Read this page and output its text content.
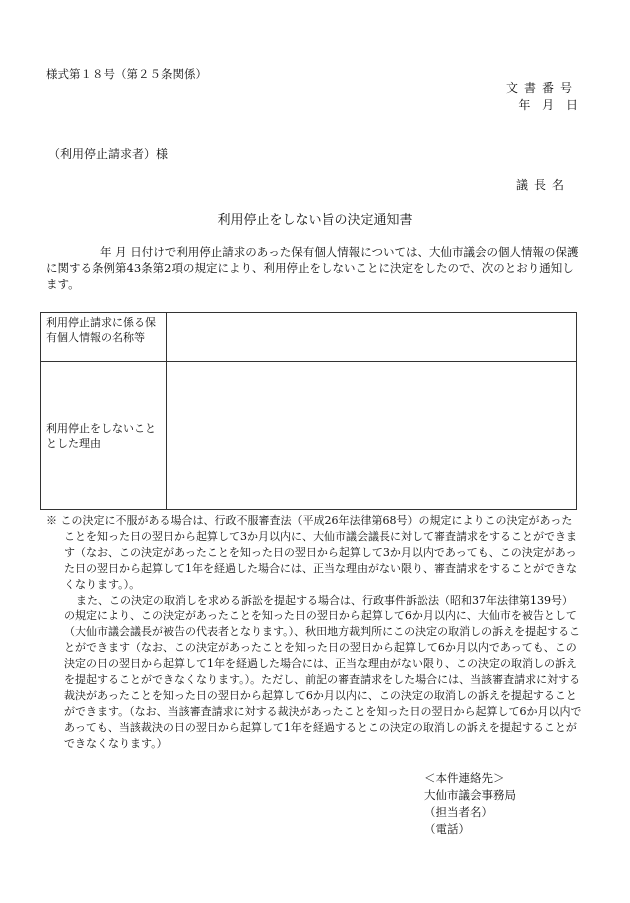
様式第１８号（第２５条関係）
文書番号
年 月 日
（利用停止請求者）様
議長名
利用停止をしない旨の決定通知書
年 月 日付けで利用停止請求のあった保有個人情報については、大仙市議会の個人情報の保護に関する条例第43条第2項の規定により、利用停止をしないことに決定をしたので、次のとおり通知します。
利用停止請求に係る保有個人情報の名称等	
利用停止をしないこととした理由	

※ この決定に不服がある場合は、行政不服審査法（平成26年法律第68号）の規定によりこの決定があったことを知った日の翌日から起算して3か月以内に、大仙市議会議長に対して審査請求をすることができます（なお、この決定があったことを知った日の翌日から起算して3か月以内であっても、この決定があった日の翌日から起算して1年を経過した場合には、正当な理由がない限り、審査請求をすることができなくなります。）。

また、この決定の取消しを求める訴訟を提起する場合は、行政事件訴訟法（昭和37年法律第139号）の規定により、この決定があったことを知った日の翌日から起算して6か月以内に、大仙市を被告として（大仙市議会議長が被告の代表者となります。）、秋田地方裁判所にこの決定の取消しの訴えを提起することができます（なお、この決定があったことを知った日の翌日から起算して6か月以内であっても、この決定の日の翌日から起算して1年を経過した場合には、正当な理由がない限り、この決定の取消しの訴えを提起することができなくなります。）。ただし、前記の審査請求をした場合には、当該審査請求に対する裁決があったことを知った日の翌日から起算して6か月以内に、この決定の取消しの訴えを提起することができます。（なお、当該審査請求に対する裁決があったことを知った日の翌日から起算して6か月以内であっても、当該裁決の日の翌日から起算して1年を経過するとこの決定の取消しの訴えを提起することができなくなります。）

＜本件連絡先＞
大仙市議会事務局
（担当者名）
（電話）
